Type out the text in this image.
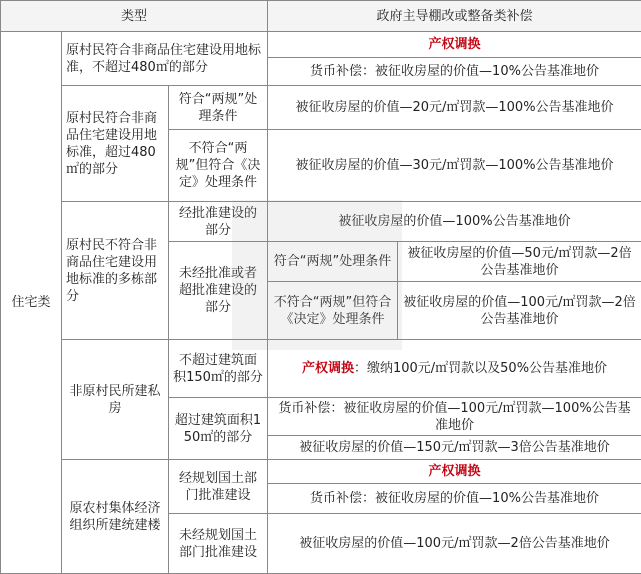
类型			政府主导棚改或整备类补偿	
住宅类	原村民符合非商品住宅建设用地标准，不超过480㎡的部分		产权调换	
			货币补偿：被征收房屋的价值—10%公告基准地价	
	原村民符合非商品住宅建设用地标准，超过480㎡的部分	符合“两规”处理条件	被征收房屋的价值—20元/㎡罚款—100%公告基准地价	
		不符合“两规”但符合《决定》处理条件	被征收房屋的价值—30元/㎡罚款—100%公告基准地价	
	原村民不符合非商品住宅建设用地标准的多栋部分	经批准建设的部分	被征收房屋的价值—100%公告基准地价	
		未经批准或者超批准建设的部分	符合“两规”处理条件	被征收房屋的价值—50元/㎡罚款—2倍公告基准地价
			不符合“两规”但符合《决定》处理条件	被征收房屋的价值—100元/㎡罚款—2倍公告基准地价
	非原村民所建私房	不超过建筑面积150㎡的部分	产权调换：缴纳100元/㎡罚款以及50%公告基准地价	
		超过建筑面积150㎡的部分	货币补偿：被征收房屋的价值—100元/㎡罚款—100%公告基准地价	
			被征收房屋的价值—150元/㎡罚款—3倍公告基准地价	
	原农村集体经济组织所建统建楼	经规划国土部门批准建设	产权调换	
			货币补偿：被征收房屋的价值—10%公告基准地价	
		未经规划国土部门批准建设	被征收房屋的价值—100元/㎡罚款—2倍公告基准地价	
